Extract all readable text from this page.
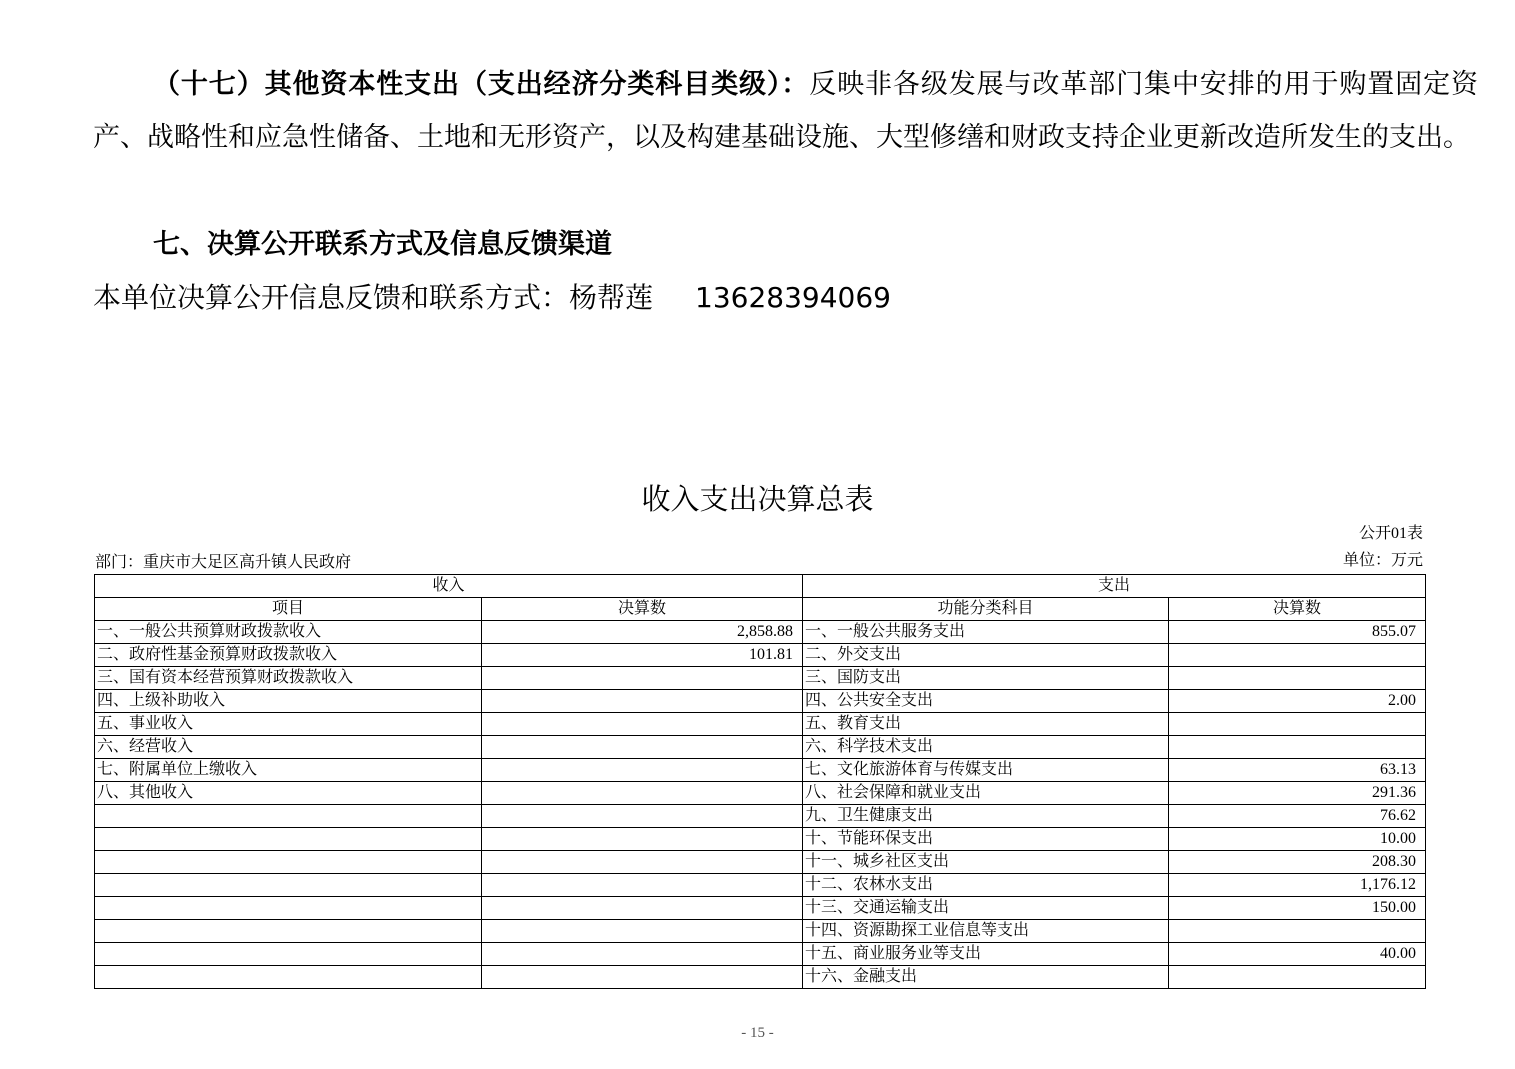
（十七）其他资本性支出（支出经济分类科目类级）：反映非各级发展与改革部门集中安排的用于购置固定资产、战略性和应急性储备、土地和无形资产，以及构建基础设施、大型修缮和财政支持企业更新改造所发生的支出。
七、决算公开联系方式及信息反馈渠道
本单位决算公开信息反馈和联系方式：杨帮莲 13628394069
收入支出决算总表
公开01表
部门：重庆市大足区高升镇人民政府	单位：万元
收入		支出	
项目	决算数	功能分类科目	决算数
一、一般公共预算财政拨款收入	2,858.88	一、一般公共服务支出	855.07
二、政府性基金预算财政拨款收入	101.81	二、外交支出	
三、国有资本经营预算财政拨款收入		三、国防支出	
四、上级补助收入		四、公共安全支出	2.00
五、事业收入		五、教育支出	
六、经营收入		六、科学技术支出	
七、附属单位上缴收入		七、文化旅游体育与传媒支出	63.13
八、其他收入		八、社会保障和就业支出	291.36
		九、卫生健康支出	76.62
		十、节能环保支出	10.00
		十一、城乡社区支出	208.30
		十二、农林水支出	1,176.12
		十三、交通运输支出	150.00
		十四、资源勘探工业信息等支出	
		十五、商业服务业等支出	40.00
		十六、金融支出	
- 15 -
